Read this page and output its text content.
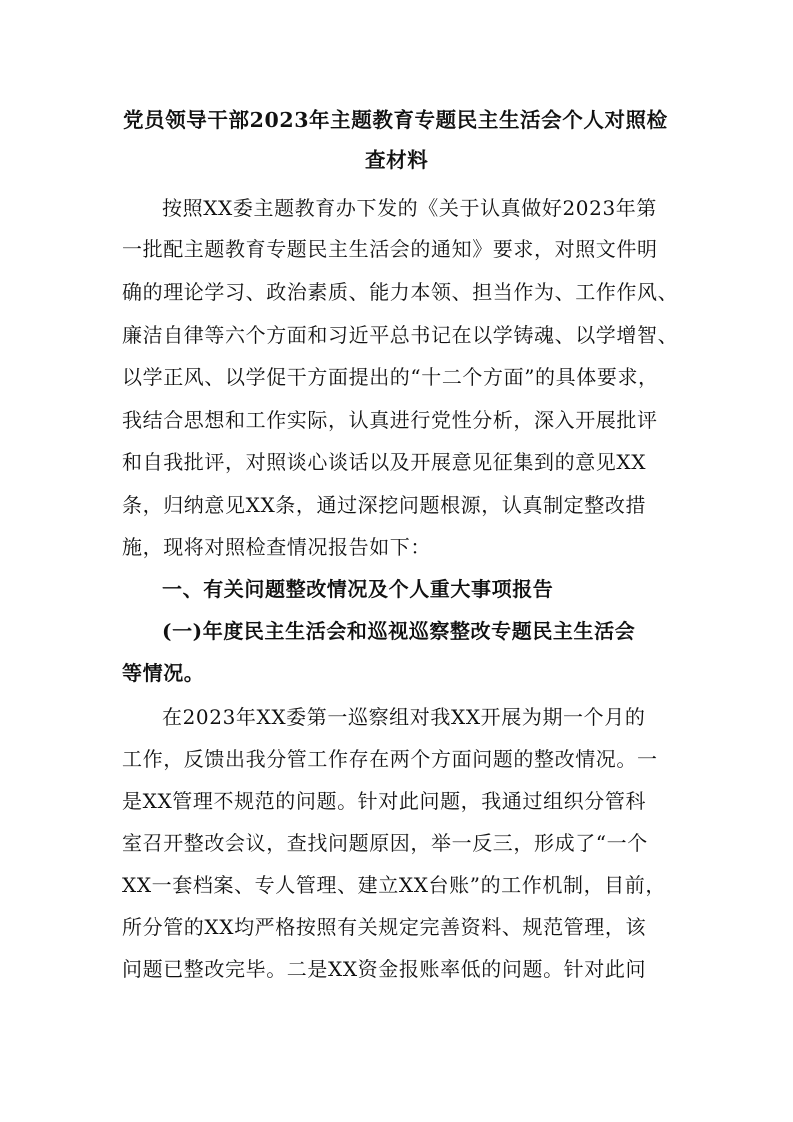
党员领导干部2023年主题教育专题民主生活会个人对照检
查材料
按照XX委主题教育办下发的《关于认真做好2023年第
一批配主题教育专题民主生活会的通知》要求，对照文件明
确的理论学习、政治素质、能力本领、担当作为、工作作风、
廉洁自律等六个方面和习近平总书记在以学铸魂、以学增智、
以学正风、以学促干方面提出的“十二个方面”的具体要求，
我结合思想和工作实际，认真进行党性分析，深入开展批评
和自我批评，对照谈心谈话以及开展意见征集到的意见XX
条，归纳意见XX条，通过深挖问题根源，认真制定整改措
施，现将对照检查情况报告如下：
一、有关问题整改情况及个人重大事项报告
(一)年度民主生活会和巡视巡察整改专题民主生活会
等情况。
在2023年XX委第一巡察组对我XX开展为期一个月的
工作，反馈出我分管工作存在两个方面问题的整改情况。一
是XX管理不规范的问题。针对此问题，我通过组织分管科
室召开整改会议，查找问题原因，举一反三，形成了“一个
XX一套档案、专人管理、建立XX台账”的工作机制，目前，
所分管的XX均严格按照有关规定完善资料、规范管理，该
问题已整改完毕。二是XX资金报账率低的问题。针对此问
